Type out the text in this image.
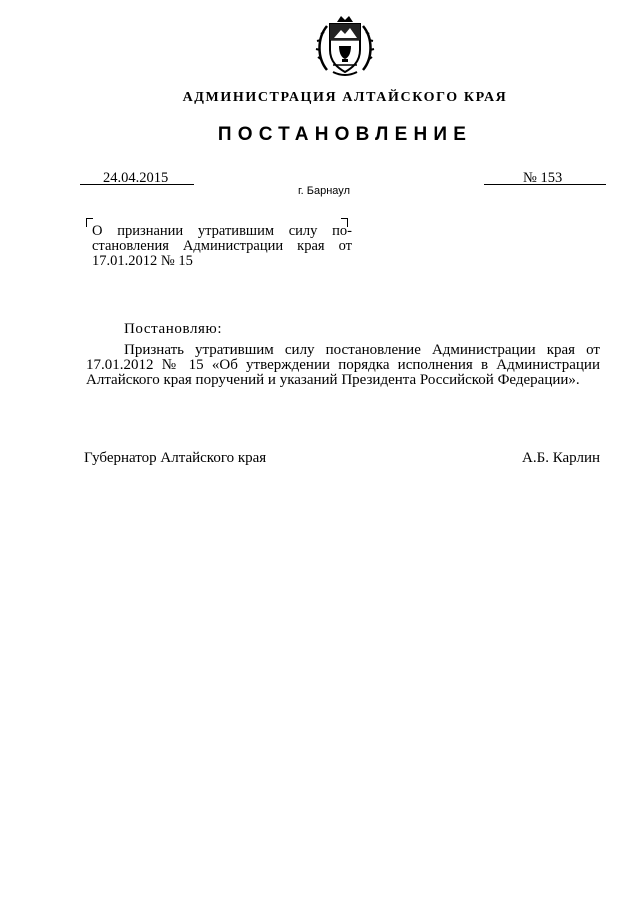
АДМИНИСТРАЦИЯ АЛТАЙСКОГО КРАЯ
ПОСТАНОВЛЕНИЕ
24.04.2015	№ 153
г. Барнаул
О признании утратившим силу по-
становления Администрации края от
17.01.2012 № 15
Постановляю:
Признать утратившим силу постановление Администрации края от
17.01.2012 № 15 «Об утверждении порядка исполнения в Администрации
Алтайского края поручений и указаний Президента Российской Федерации».
Губернатор Алтайского края	А.Б. Карлин
